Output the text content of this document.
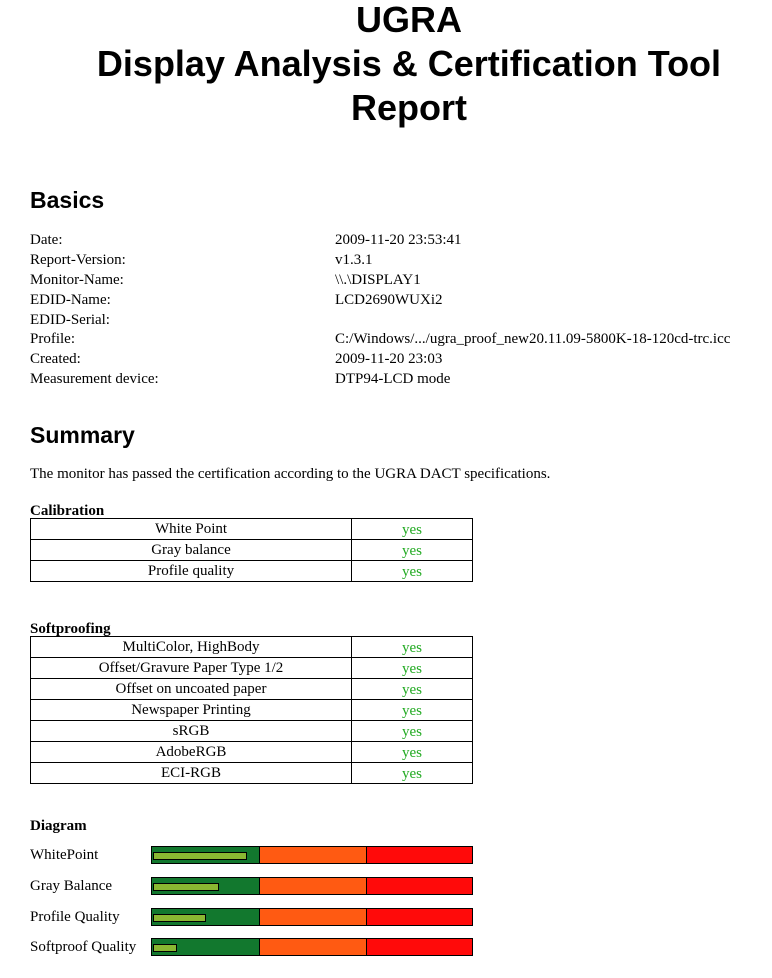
UGRA
Display Analysis & Certification Tool
Report
Basics
Date:	2009-11-20 23:53:41
Report-Version:	v1.3.1
Monitor-Name:	\\.\DISPLAY1
EDID-Name:	LCD2690WUXi2
EDID-Serial:
Profile:	C:/Windows/.../ugra_proof_new20.11.09-5800K-18-120cd-trc.icc
Created:	2009-11-20 23:03
Measurement device:	DTP94-LCD mode
Summary
The monitor has passed the certification according to the UGRA DACT specifications.
Calibration
White Point	yes
Gray balance	yes
Profile quality	yes
Softproofing
MultiColor, HighBody	yes
Offset/Gravure Paper Type 1/2	yes
Offset on uncoated paper	yes
Newspaper Printing	yes
sRGB	yes
AdobeRGB	yes
ECI-RGB	yes
Diagram
WhitePoint
Gray Balance
Profile Quality
Softproof Quality
